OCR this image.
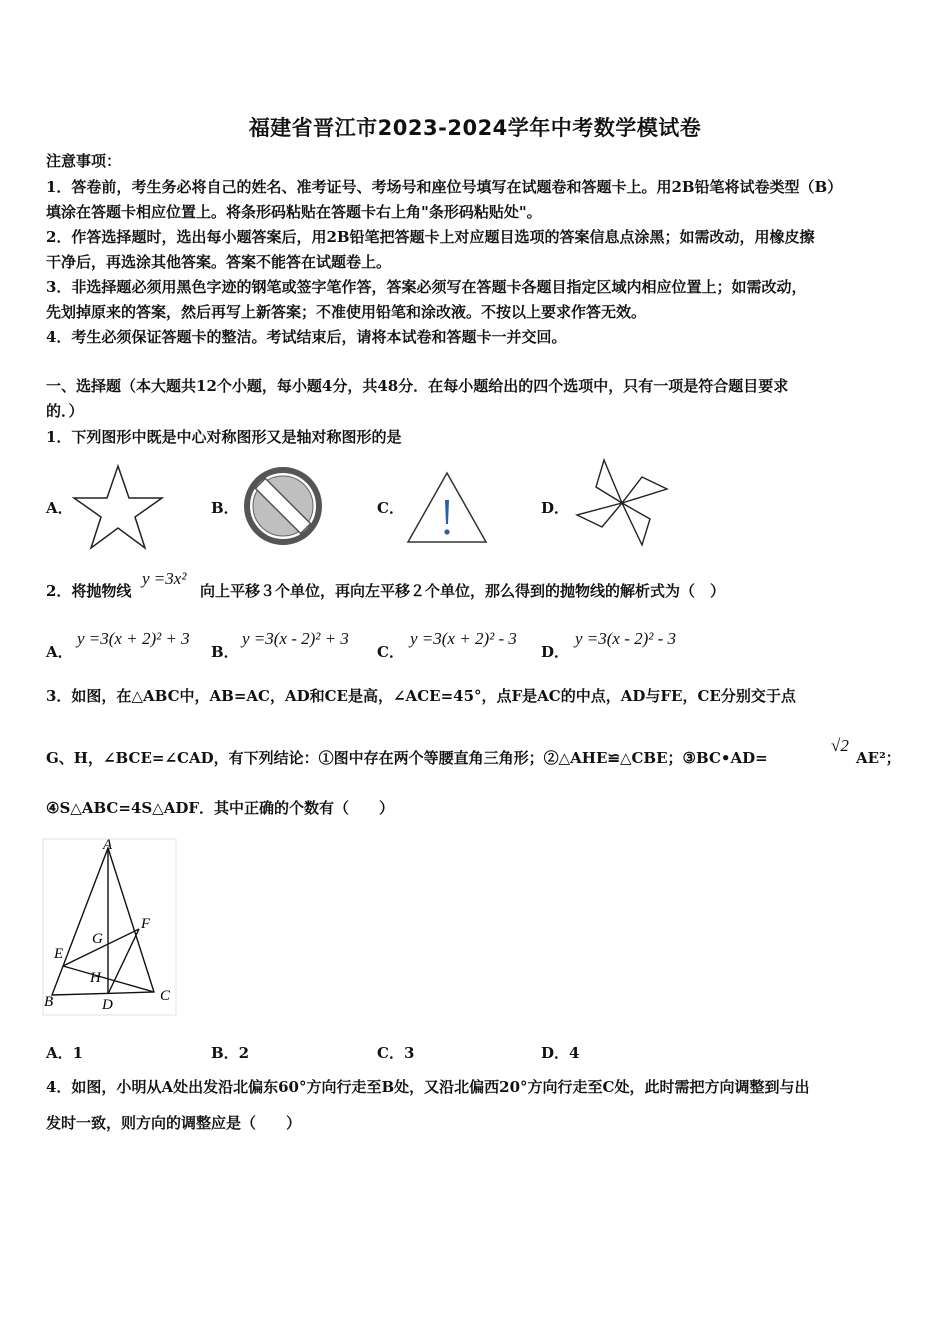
福建省晋江市2023-2024学年中考数学模试卷
注意事项：
1．答卷前，考生务必将自己的姓名、准考证号、考场号和座位号填写在试题卷和答题卡上。用2B铅笔将试卷类型（B）
填涂在答题卡相应位置上。将条形码粘贴在答题卡右上角"条形码粘贴处"。
2．作答选择题时，选出每小题答案后，用2B铅笔把答题卡上对应题目选项的答案信息点涂黑；如需改动，用橡皮擦
干净后，再选涂其他答案。答案不能答在试题卷上。
3．非选择题必须用黑色字迹的钢笔或签字笔作答，答案必须写在答题卡各题目指定区域内相应位置上；如需改动，
先划掉原来的答案，然后再写上新答案；不准使用铅笔和涂改液。不按以上要求作答无效。
4．考生必须保证答题卡的整洁。考试结束后，请将本试卷和答题卡一并交回。
一、选择题（本大题共12个小题，每小题4分，共48分．在每小题给出的四个选项中，只有一项是符合题目要求
的．）
1．下列图形中既是中心对称图形又是轴对称图形的是
A．	B．	C．	D．
2．将抛物线
y =3x²
向上平移３个单位，再向左平移２个单位，那么得到的抛物线的解析式为（　）
A．
y =3(x + 2)² + 3
B．
y =3(x - 2)² + 3
C．
y =3(x + 2)² - 3
D．
y =3(x - 2)² - 3
3．如图，在△ABC中，AB=AC，AD和CE是高，∠ACE=45°，点F是AC的中点，AD与FE，CE分别交于点
G、H，∠BCE=∠CAD，有下列结论：①图中存在两个等腰直角三角形；②△AHE≌△CBE；③BC•AD=
√2
AE²；
④S△ABC=4S△ADF．其中正确的个数有（　　）
A
B	C
D
E
F
G
H
A．1	B．2	C．3	D．4
4．如图，小明从A处出发沿北偏东60°方向行走至B处，又沿北偏西20°方向行走至C处，此时需把方向调整到与出
发时一致，则方向的调整应是（　　）
